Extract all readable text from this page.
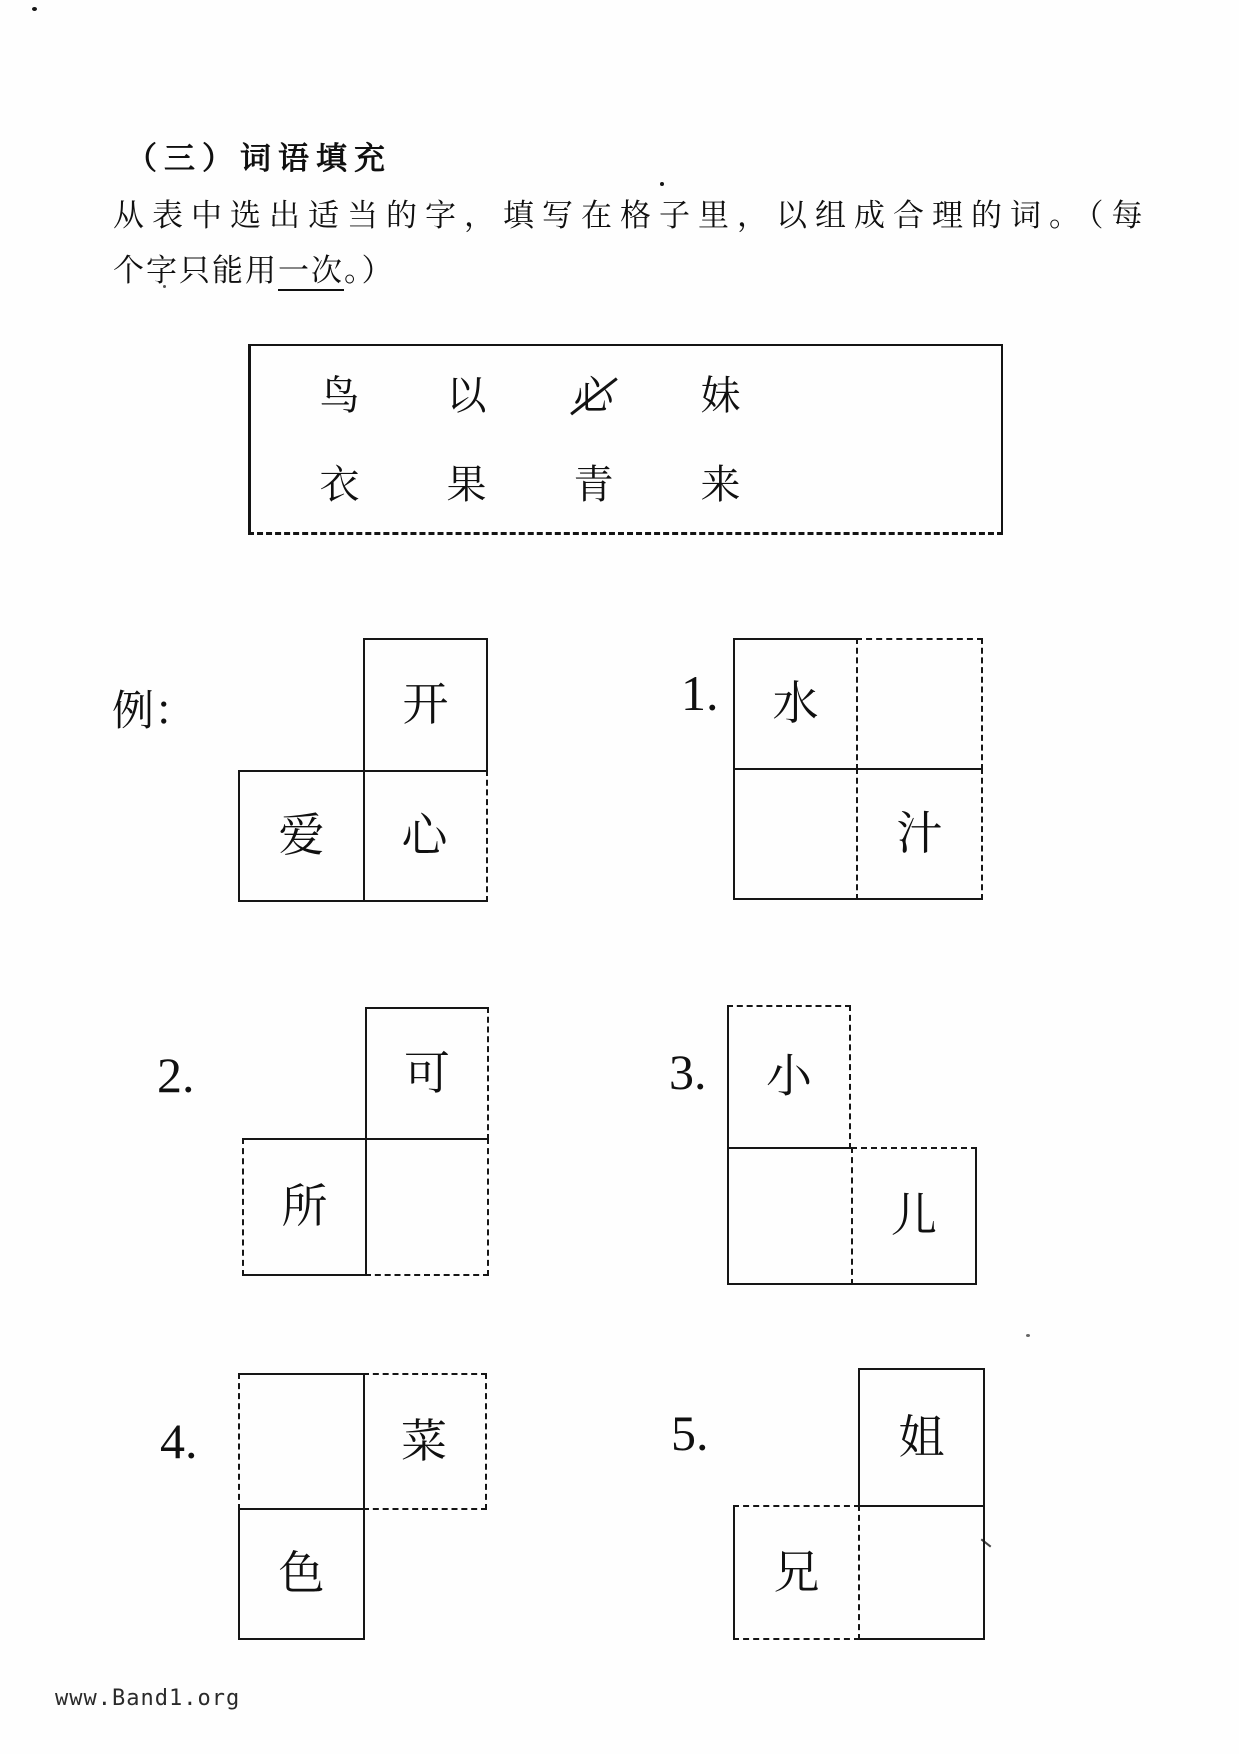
（三）词语填充
从表中选出适当的字，填写在格子里，以组成合理的词。（每
个字只能用一次。）
鸟	以	心	妹
衣	果	青	来
例：	开
爱 心
1. 水
汁
2.	可
所
3. 小
儿
4.	菜
色
5.	姐
兄
www.Band1.org
